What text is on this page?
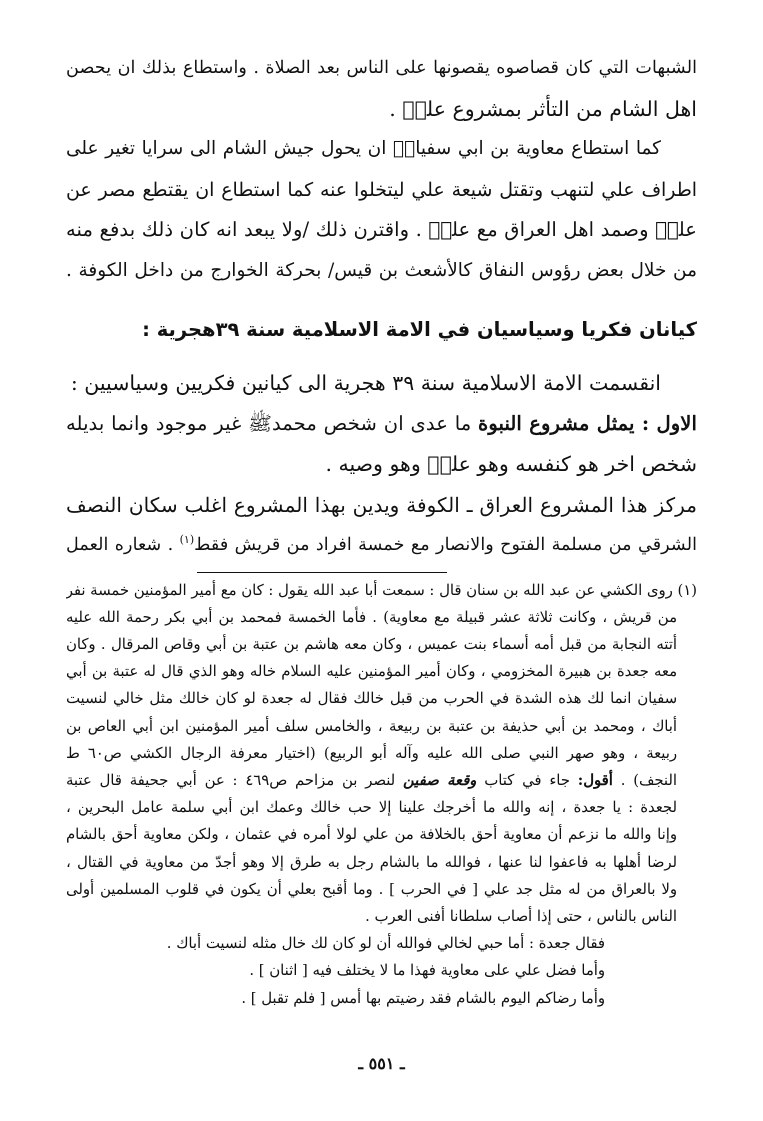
الشبهات التي كان قصاصوه يقصونها على الناس بعد الصلاة . واستطاع بذلك ان يحصن
اهل الشام من التأثر بمشروع عليؑ .
كما استطاع معاوية بن ابي سفيانؑ ان يحول جيش الشام الى سرايا تغير على
اطراف علي لتنهب وتقتل شيعة علي ليتخلوا عنه كما استطاع ان يقتطع مصر عن
عليؑ وصمد اهل العراق مع عليؑ . واقترن ذلك /ولا يبعد انه كان ذلك بدفع منه
من خلال بعض رؤوس النفاق كالأشعث بن قيس/ بحركة الخوارج من داخل الكوفة .
كيانان فكريا وسياسيان في الامة الاسلامية سنة ٣٩هجرية :
انقسمت الامة الاسلامية سنة ٣٩ هجرية الى كيانين فكريين وسياسيين :
الاول : يمثل مشروع النبوة ما عدى ان شخص محمدﷺ غير موجود وانما بديله
شخص اخر هو كنفسه وهو عليؑ وهو وصيه .
مركز هذا المشروع العراق ـ الكوفة ويدين بهذا المشروع اغلب سكان النصف
الشرقي من مسلمة الفتوح والانصار مع خمسة افراد من قريش فقط$^{(١)}$ . شعاره العمل
(١) روى الكشي عن عبد الله بن سنان قال : سمعت أبا عبد الله يقول : كان مع أمير المؤمنين خمسة نفر
من قريش ، وكانت ثلاثة عشر قبيلة مع معاوية) . فأما الخمسة فمحمد بن أبي بكر رحمة الله عليه
أتته النجابة من قبل أمه أسماء بنت عميس ، وكان معه هاشم بن عتبة بن أبي وقاص المرقال . وكان
معه جعدة بن هبيرة المخزومي ، وكان أمير المؤمنين عليه السلام خاله وهو الذي قال له عتبة بن أبي
سفيان انما لك هذه الشدة في الحرب من قبل خالك فقال له جعدة لو كان خالك مثل خالي لنسيت
أباك ، ومحمد بن أبي حذيفة بن عتبة بن ربيعة ، والخامس سلف أمير المؤمنين ابن أبي العاص بن
ربيعة ، وهو صهر النبي صلى الله عليه وآله أبو الربيع) (اختيار معرفة الرجال الكشي ص٦٠ ط
النجف) . أقول: جاء في كتاب وقعة صفين لنصر بن مزاحم ص٤٦٩ : عن أبي جحيفة قال عتبة
لجعدة : يا جعدة ، إنه والله ما أخرجك علينا إلا حب خالك وعمك ابن أبي سلمة عامل البحرين ،
وإنا والله ما نزعم أن معاوية أحق بالخلافة من علي لولا أمره في عثمان ، ولكن معاوية أحق بالشام
لرضا أهلها به فاعفوا لنا عنها ، فوالله ما بالشام رجل به طرق إلا وهو أجدّ من معاوية في القتال ،
ولا بالعراق من له مثل جد علي [ في الحرب ] . وما أقبح بعلي أن يكون في قلوب المسلمين أولى
الناس بالناس ، حتى إذا أصاب سلطانا أفنى العرب .
فقال جعدة : أما حبي لخالي فوالله أن لو كان لك خال مثله لنسيت أباك .
وأما فضل علي على معاوية فهذا ما لا يختلف فيه [ اثنان ] .
وأما رضاكم اليوم بالشام فقد رضيتم بها أمس [ فلم تقبل ] .
ـ ٥٥١ ـ
